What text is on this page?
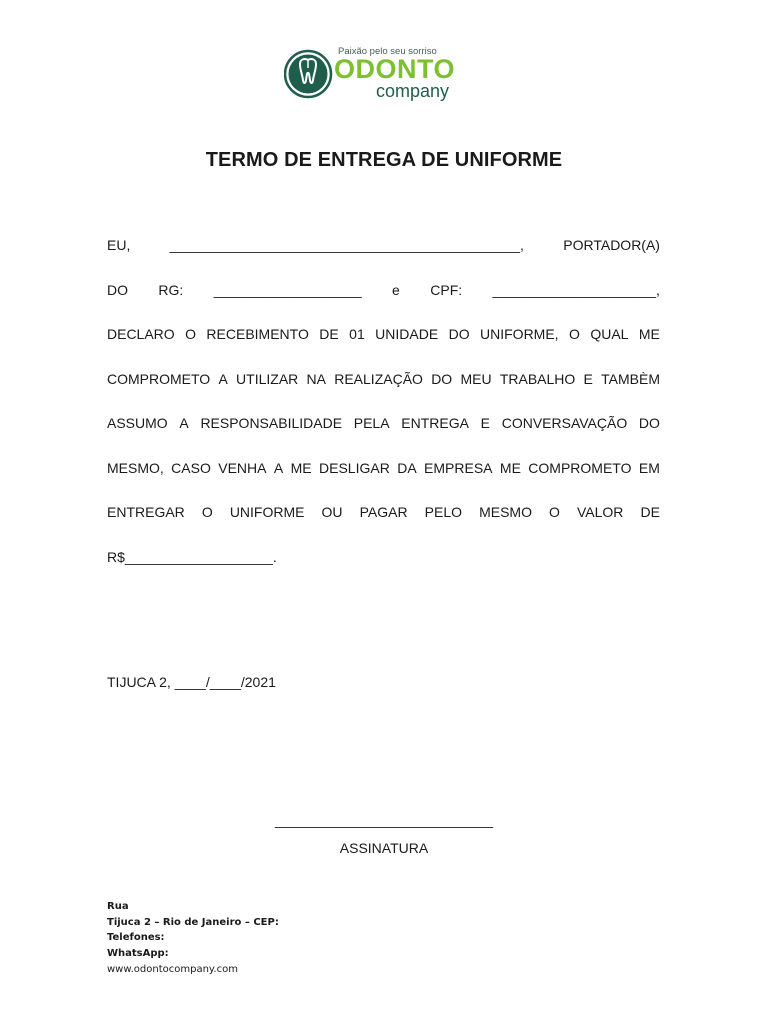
Paixão pelo seu sorriso
ODONTO
company
TERMO DE ENTREGA DE UNIFORME
EU,	_____________________________________________,	PORTADOR(A)
DO RG: ___________________ e CPF: _____________________,
DECLARO O RECEBIMENTO DE 01 UNIDADE DO UNIFORME, O QUAL ME
COMPROMETO A UTILIZAR NA REALIZAÇÃO DO MEU TRABALHO E TAMBÈM
ASSUMO A RESPONSABILIDADE PELA ENTREGA E CONVERSAVAÇÃO DO
MESMO, CASO VENHA A ME DESLIGAR DA EMPRESA ME COMPROMETO EM
ENTREGAR O UNIFORME OU PAGAR PELO MESMO O VALOR DE
R$___________________.
TIJUCA 2, ____/____/2021
____________________________
ASSINATURA
Rua
Tijuca 2 – Rio de Janeiro – CEP:
Telefones:
WhatsApp:
www.odontocompany.com
